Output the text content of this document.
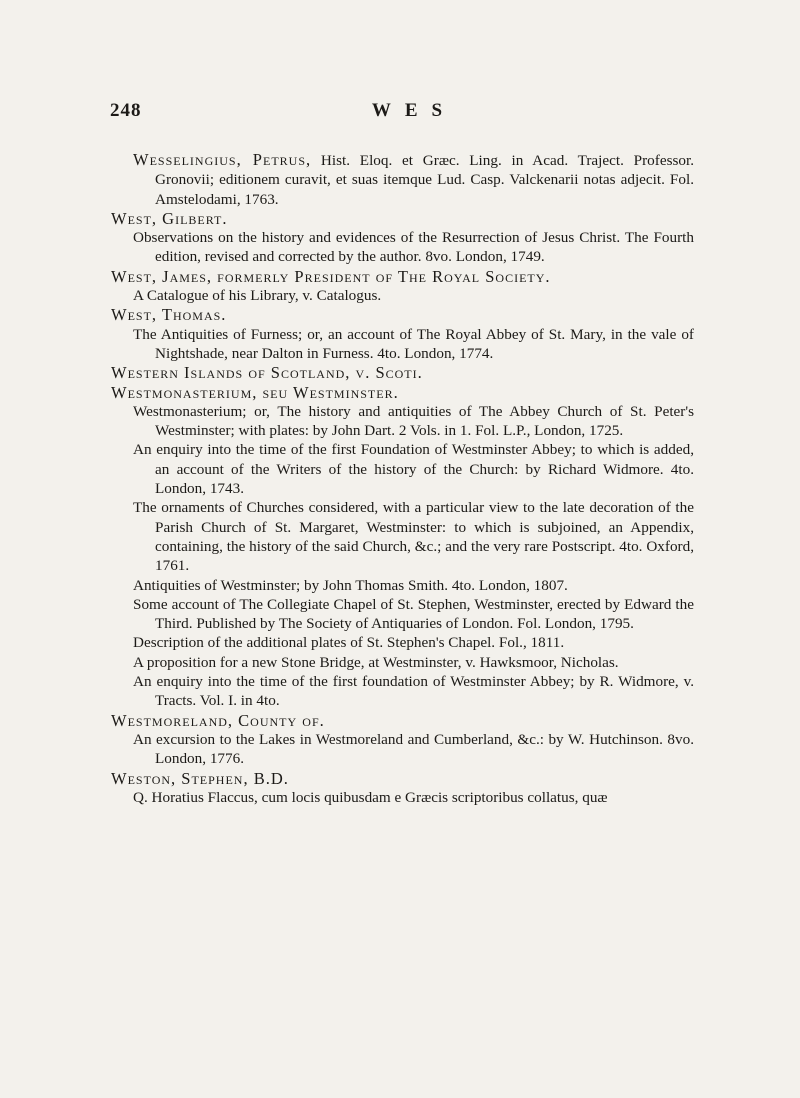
248	WES

Wesselingius, Petrus, Hist. Eloq. et Græc. Ling. in Acad. Traject. Professor. Gronovii; editionem curavit, et suas itemque Lud. Casp. Valckenarii notas adjecit. Fol. Amstelodami, 1763.

West, Gilbert.

Observations on the history and evidences of the Resurrection of Jesus Christ. The Fourth edition, revised and corrected by the author. 8vo. London, 1749.

West, James, formerly President of The Royal Society.

A Catalogue of his Library, v. Catalogus.

West, Thomas.

The Antiquities of Furness; or, an account of The Royal Abbey of St. Mary, in the vale of Nightshade, near Dalton in Furness. 4to. London, 1774.

Western Islands of Scotland, v. Scoti.
Westmonasterium, seu Westminster.

Westmonasterium; or, The history and antiquities of The Abbey Church of St. Peter's Westminster; with plates: by John Dart. 2 Vols. in 1. Fol. L.P., London, 1725.

An enquiry into the time of the first Foundation of Westminster Abbey; to which is added, an account of the Writers of the history of the Church: by Richard Widmore. 4to. London, 1743.

The ornaments of Churches considered, with a particular view to the late decoration of the Parish Church of St. Margaret, Westminster: to which is subjoined, an Appendix, containing, the history of the said Church, &c.; and the very rare Postscript. 4to. Oxford, 1761.

Antiquities of Westminster; by John Thomas Smith. 4to. London, 1807.

Some account of The Collegiate Chapel of St. Stephen, Westminster, erected by Edward the Third. Published by The Society of Antiquaries of London. Fol. London, 1795.

Description of the additional plates of St. Stephen's Chapel. Fol., 1811.

A proposition for a new Stone Bridge, at Westminster, v. Hawksmoor, Nicholas.

An enquiry into the time of the first foundation of Westminster Abbey; by R. Widmore, v. Tracts. Vol. I. in 4to.

Westmoreland, County of.

An excursion to the Lakes in Westmoreland and Cumberland, &c.: by W. Hutchinson. 8vo. London, 1776.

Weston, Stephen, B.D.

Q. Horatius Flaccus, cum locis quibusdam e Græcis scriptoribus collatus, quæ
